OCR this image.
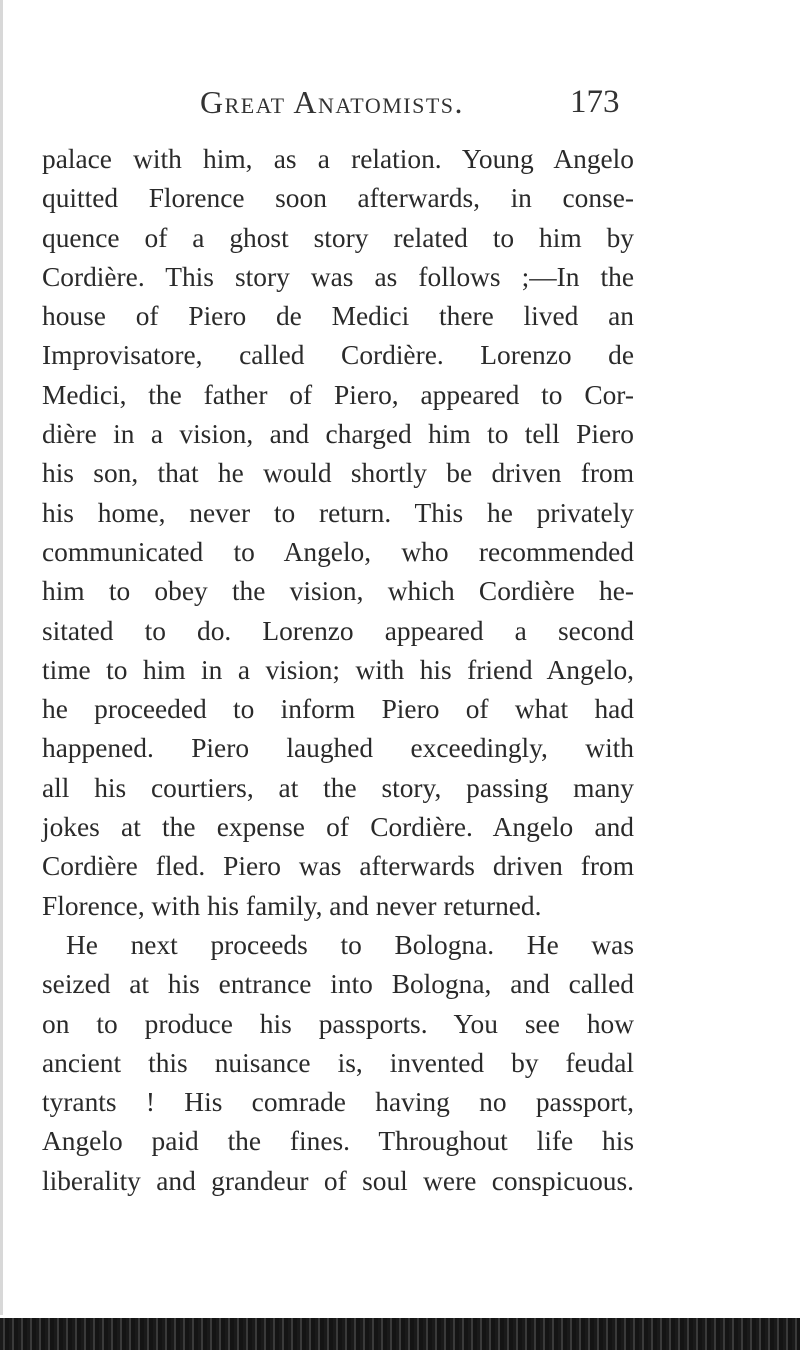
Great Anatomists.	173
palace with him, as a relation. Young Angelo
quitted Florence soon afterwards, in conse-
quence of a ghost story related to him by
Cordière. This story was as follows ;—In the
house of Piero de Medici there lived an
Improvisatore, called Cordière. Lorenzo de
Medici, the father of Piero, appeared to Cor-
dière in a vision, and charged him to tell Piero
his son, that he would shortly be driven from
his home, never to return. This he privately
communicated to Angelo, who recommended
him to obey the vision, which Cordière he-
sitated to do. Lorenzo appeared a second
time to him in a vision; with his friend Angelo,
he proceeded to inform Piero of what had
happened. Piero laughed exceedingly, with
all his courtiers, at the story, passing many
jokes at the expense of Cordière. Angelo and
Cordière fled. Piero was afterwards driven from
Florence, with his family, and never returned.
He next proceeds to Bologna. He was
seized at his entrance into Bologna, and called
on to produce his passports. You see how
ancient this nuisance is, invented by feudal
tyrants ! His comrade having no passport,
Angelo paid the fines. Throughout life his
liberality and grandeur of soul were conspicuous.
